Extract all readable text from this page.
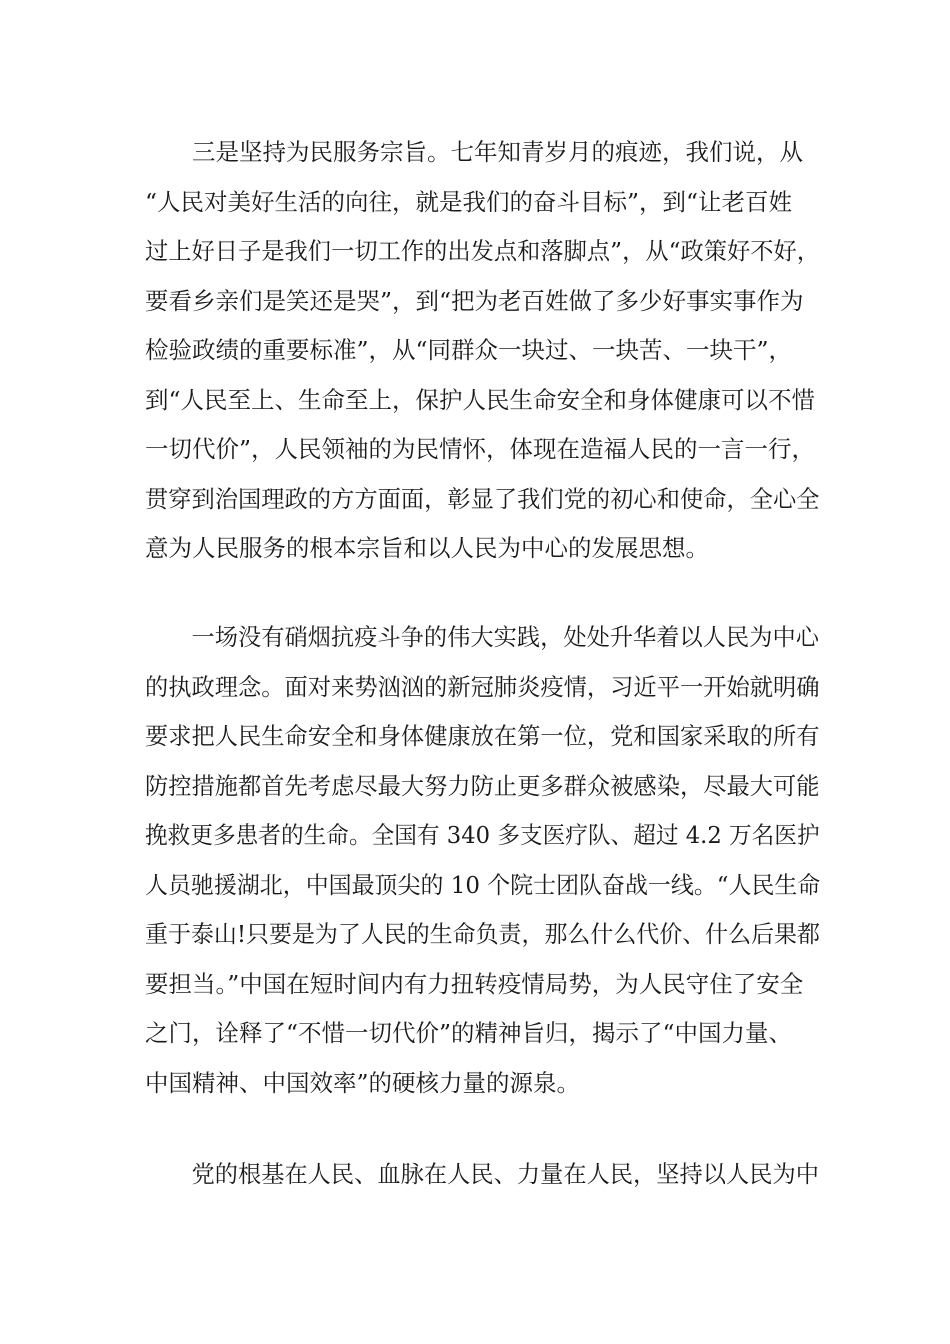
三是坚持为民服务宗旨。七年知青岁月的痕迹，我们说，从
“人民对美好生活的向往，就是我们的奋斗目标”，到“让老百姓
过上好日子是我们一切工作的出发点和落脚点”，从“政策好不好，
要看乡亲们是笑还是哭”，到“把为老百姓做了多少好事实事作为
检验政绩的重要标准”，从“同群众一块过、一块苦、一块干”，
到“人民至上、生命至上，保护人民生命安全和身体健康可以不惜
一切代价”，人民领袖的为民情怀，体现在造福人民的一言一行，
贯穿到治国理政的方方面面，彰显了我们党的初心和使命，全心全
意为人民服务的根本宗旨和以人民为中心的发展思想。
一场没有硝烟抗疫斗争的伟大实践，处处升华着以人民为中心
的执政理念。面对来势汹汹的新冠肺炎疫情，习近平一开始就明确
要求把人民生命安全和身体健康放在第一位，党和国家采取的所有
防控措施都首先考虑尽最大努力防止更多群众被感染，尽最大可能
挽救更多患者的生命。全国有 340 多支医疗队、超过 4.2 万名医护
人员驰援湖北，中国最顶尖的 10 个院士团队奋战一线。“人民生命
重于泰山!只要是为了人民的生命负责，那么什么代价、什么后果都
要担当。”中国在短时间内有力扭转疫情局势，为人民守住了安全
之门，诠释了“不惜一切代价”的精神旨归，揭示了“中国力量、
中国精神、中国效率”的硬核力量的源泉。
党的根基在人民、血脉在人民、力量在人民，坚持以人民为中
